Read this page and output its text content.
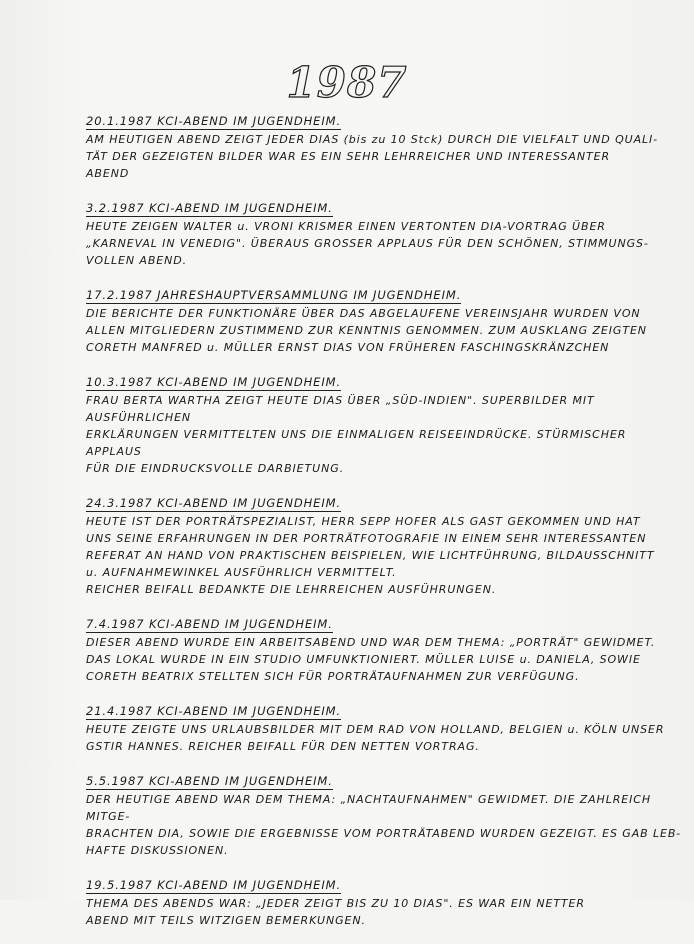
1987
20.1.1987 KCI-ABEND IM JUGENDHEIM.
AM HEUTIGEN ABEND ZEIGT JEDER DIAS (bis zu 10 Stck) DURCH DIE VIELFALT UND QUALI-
TÄT DER GEZEIGTEN BILDER WAR ES EIN SEHR LEHRREICHER UND INTERESSANTER
ABEND
3.2.1987 KCI-ABEND IM JUGENDHEIM.
HEUTE ZEIGEN WALTER u. VRONI KRISMER EINEN VERTONTEN DIA-VORTRAG ÜBER
„KARNEVAL IN VENEDIG". ÜBERAUS GROSSER APPLAUS FÜR DEN SCHÖNEN, STIMMUNGS-
VOLLEN ABEND.
17.2.1987 JAHRESHAUPTVERSAMMLUNG IM JUGENDHEIM.
DIE BERICHTE DER FUNKTIONÄRE ÜBER DAS ABGELAUFENE VEREINSJAHR WURDEN VON
ALLEN MITGLIEDERN ZUSTIMMEND ZUR KENNTNIS GENOMMEN. ZUM AUSKLANG ZEIGTEN
CORETH MANFRED u. MÜLLER ERNST DIAS VON FRÜHEREN FASCHINGSKRÄNZCHEN
10.3.1987 KCI-ABEND IM JUGENDHEIM.
FRAU BERTA WARTHA ZEIGT HEUTE DIAS ÜBER „SÜD-INDIEN". SUPERBILDER MIT AUSFÜHRLICHEN
ERKLÄRUNGEN VERMITTELTEN UNS DIE EINMALIGEN REISEEINDRÜCKE. STÜRMISCHER APPLAUS
FÜR DIE EINDRUCKSVOLLE DARBIETUNG.
24.3.1987 KCI-ABEND IM JUGENDHEIM.
HEUTE IST DER PORTRÄTSPEZIALIST, HERR SEPP HOFER ALS GAST GEKOMMEN UND HAT
UNS SEINE ERFAHRUNGEN IN DER PORTRÄTFOTOGRAFIE IN EINEM SEHR INTERESSANTEN
REFERAT AN HAND VON PRAKTISCHEN BEISPIELEN, WIE LICHTFÜHRUNG, BILDAUSSCHNITT
u. AUFNAHMEWINKEL AUSFÜHRLICH VERMITTELT.
REICHER BEIFALL BEDANKTE DIE LEHRREICHEN AUSFÜHRUNGEN.
7.4.1987 KCI-ABEND IM JUGENDHEIM.
DIESER ABEND WURDE EIN ARBEITSABEND UND WAR DEM THEMA: „PORTRÄT" GEWIDMET.
DAS LOKAL WURDE IN EIN STUDIO UMFUNKTIONIERT. MÜLLER LUISE u. DANIELA, SOWIE
CORETH BEATRIX STELLTEN SICH FÜR PORTRÄTAUFNAHMEN ZUR VERFÜGUNG.
21.4.1987 KCI-ABEND IM JUGENDHEIM.
HEUTE ZEIGTE UNS URLAUBSBILDER MIT DEM RAD VON HOLLAND, BELGIEN u. KÖLN UNSER
GSTIR HANNES. REICHER BEIFALL FÜR DEN NETTEN VORTRAG.
5.5.1987 KCI-ABEND IM JUGENDHEIM.
DER HEUTIGE ABEND WAR DEM THEMA: „NACHTAUFNAHMEN" GEWIDMET. DIE ZAHLREICH MITGE-
BRACHTEN DIA, SOWIE DIE ERGEBNISSE VOM PORTRÄTABEND WURDEN GEZEIGT. ES GAB LEB-
HAFTE DISKUSSIONEN.
19.5.1987 KCI-ABEND IM JUGENDHEIM.
THEMA DES ABENDS WAR: „JEDER ZEIGT BIS ZU 10 DIAS". ES WAR EIN NETTER
ABEND MIT TEILS WITZIGEN BEMERKUNGEN.
